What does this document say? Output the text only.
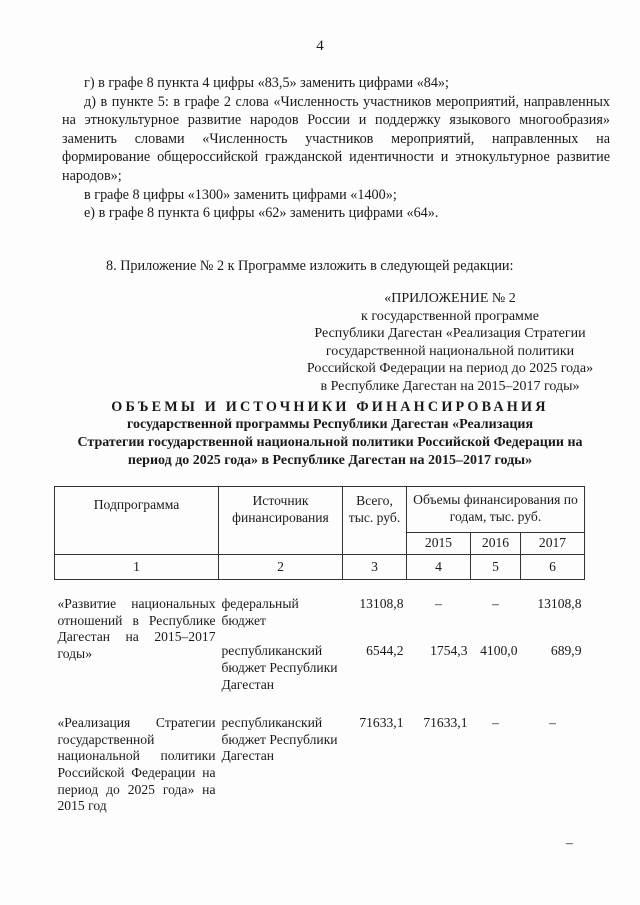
4

г) в графе 8 пункта 4 цифры «83,5» заменить цифрами «84»;

д) в пункте 5: в графе 2 слова «Численность участников мероприятий, направленных на этнокультурное развитие народов России и поддержку языкового многообразия» заменить словами «Численность участников мероприятий, направленных на формирование общероссийской гражданской идентичности и этнокультурное развитие народов»;

в графе 8 цифры «1300» заменить цифрами «1400»;

е) в графе 8 пункта 6 цифры «62» заменить цифрами «64».

8. Приложение № 2 к Программе изложить в следующей редакции:
«ПРИЛОЖЕНИЕ № 2
к государственной программе
Республики Дагестан «Реализация Стратегии
государственной национальной политики
Российской Федерации на период до 2025 года»
в Республике Дагестан на 2015–2017 годы»
ОБЪЕМЫ И ИСТОЧНИКИ ФИНАНСИРОВАНИЯ
государственной программы Республики Дагестан «Реализация
Стратегии государственной национальной политики Российской Федерации на
период до 2025 года» в Республике Дагестан на 2015–2017 годы»
Подпрограмма	Источник финансирования	Всего, тыс. руб.	Объемы финансирования по годам, тыс. руб.		
			2015	2016	2017
1	2	3	4	5	6

«Развитие национальных отношений в Республике Дагестан на 2015–2017 годы»	федеральный бюджет	13108,8	–	–	13108,8

	республиканский бюджет Республики Дагестан	6544,2	1754,3	4100,0	689,9

«Реализация Стратегии государственной национальной политики Российской Федерации на период до 2025 года» на 2015 год	республиканский бюджет Республики Дагестан	71633,1	71633,1	–	–
–
